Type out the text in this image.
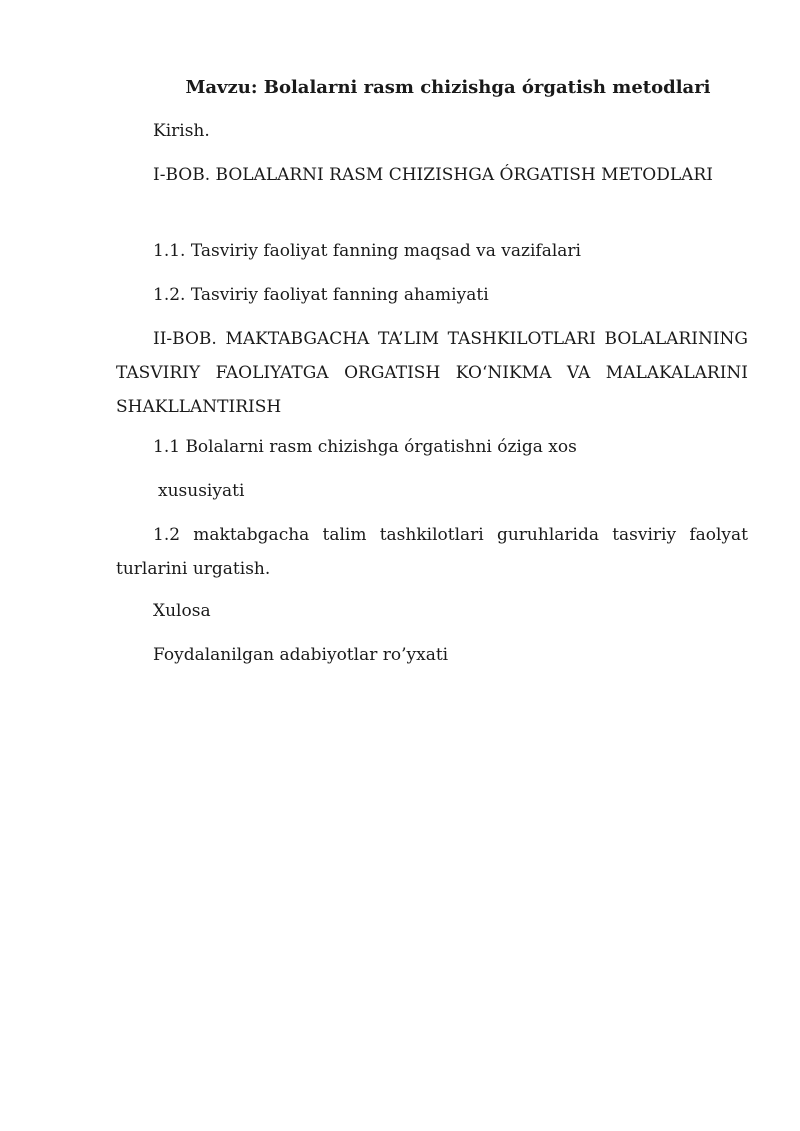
Mavzu: Bolalarni rasm chizishga órgatish metodlari

Kirish.

I-BOB. BOLALARNI RASM CHIZISHGA ÓRGATISH METODLARI

1.1. Tasviriy faoliyat fanning maqsad va vazifalari

1.2. Tasviriy faoliyat fanning ahamiyati

II-BOB. MAKTABGACHA TA’LIM TASHKILOTLARI BOLALARINING TASVIRIY FAOLIYATGA ORGATISH KOʻNIKMA VA MALAKALARINI SHAKLLANTIRISH

1.1 Bolalarni rasm chizishga órgatishni óziga xos

xususiyati

1.2 maktabgacha talim tashkilotlari guruhlarida tasviriy faolyat turlarini urgatish.

Xulosa

Foydalanilgan adabiyotlar ro’yxati
